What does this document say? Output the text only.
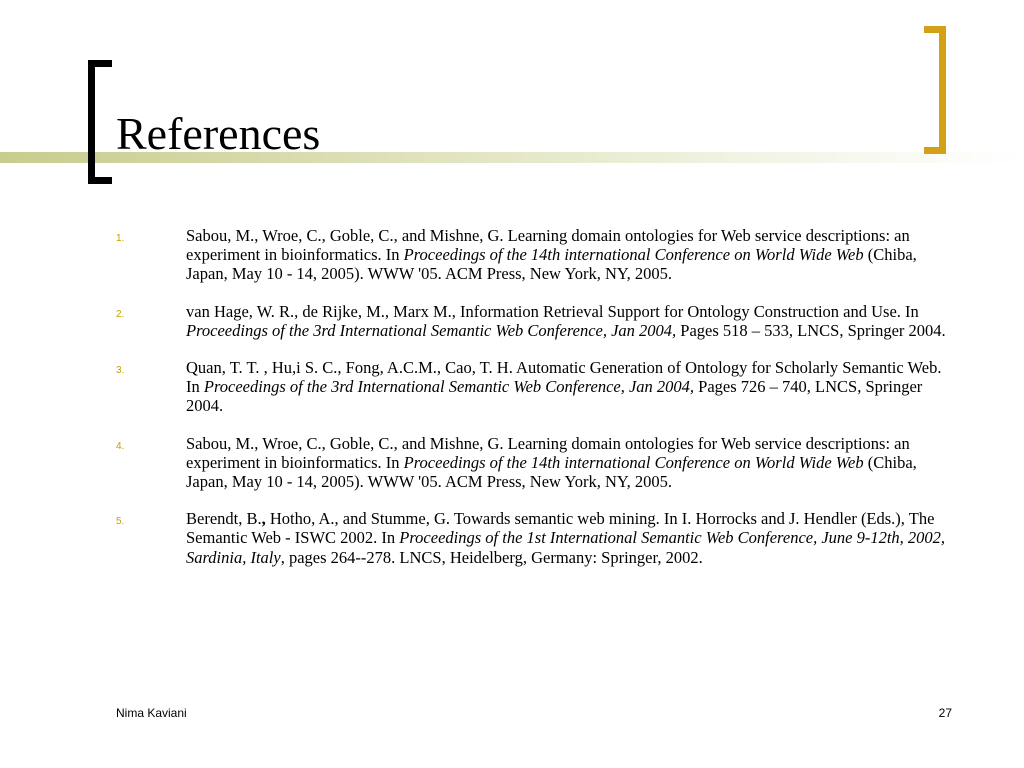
References
1.	Sabou, M., Wroe, C., Goble, C., and Mishne, G. Learning domain ontologies for Web service descriptions: an experiment in bioinformatics. In Proceedings of the 14th international Conference on World Wide Web (Chiba, Japan, May 10 - 14, 2005). WWW '05. ACM Press, New York, NY, 2005.
2.	van Hage, W. R., de Rijke, M., Marx M., Information Retrieval Support for Ontology Construction and Use. In Proceedings of the 3rd International Semantic Web Conference, Jan 2004, Pages 518 – 533, LNCS, Springer 2004.
3.	Quan, T. T. , Hu,i S. C., Fong, A.C.M., Cao, T. H. Automatic Generation of Ontology for Scholarly Semantic Web. In Proceedings of the 3rd International Semantic Web Conference, Jan 2004, Pages 726 – 740, LNCS, Springer 2004.
4.	Sabou, M., Wroe, C., Goble, C., and Mishne, G. Learning domain ontologies for Web service descriptions: an experiment in bioinformatics. In Proceedings of the 14th international Conference on World Wide Web (Chiba, Japan, May 10 - 14, 2005). WWW '05. ACM Press, New York, NY, 2005.
5.	Berendt, B., Hotho, A., and Stumme, G. Towards semantic web mining. In I. Horrocks and J. Hendler (Eds.), The Semantic Web - ISWC 2002. In Proceedings of the 1st International Semantic Web Conference, June 9-12th, 2002, Sardinia, Italy, pages 264--278. LNCS, Heidelberg, Germany: Springer, 2002.
Nima Kaviani	27
